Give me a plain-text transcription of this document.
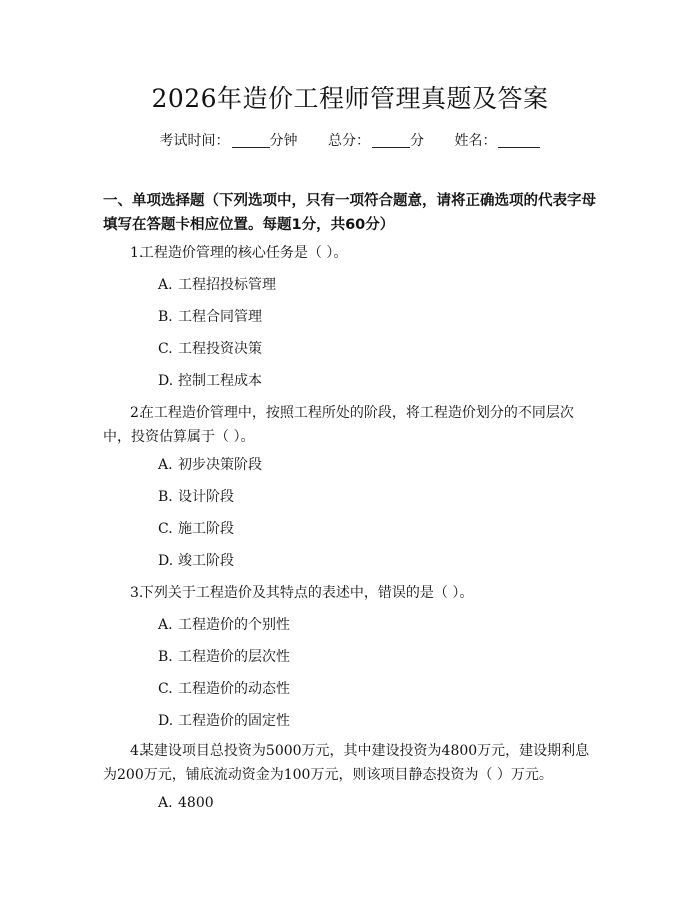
2026年造价工程师管理真题及答案
考试时间：	分钟 总分：	分 姓名：
一、单项选择题（下列选项中，只有一项符合题意，请将正确选项的代表字母填写在答题卡相应位置。每题1分，共60分）
1.  工程造价管理的核心任务是（ ）。
A. 工程招投标管理
B. 工程合同管理
C. 工程投资决策
D. 控制工程成本
2.  在工程造价管理中，按照工程所处的阶段，将工程造价划分的不同层次中，投资估算属于（ ）。
A. 初步决策阶段
B. 设计阶段
C. 施工阶段
D. 竣工阶段
3.  下列关于工程造价及其特点的表述中，错误的是（ ）。
A. 工程造价的个别性
B. 工程造价的层次性
C. 工程造价的动态性
D. 工程造价的固定性
4.  某建设项目总投资为5000万元，其中建设投资为4800万元，建设期利息为200万元，铺底流动资金为100万元，则该项目静态投资为（ ）万元。
A. 4800
